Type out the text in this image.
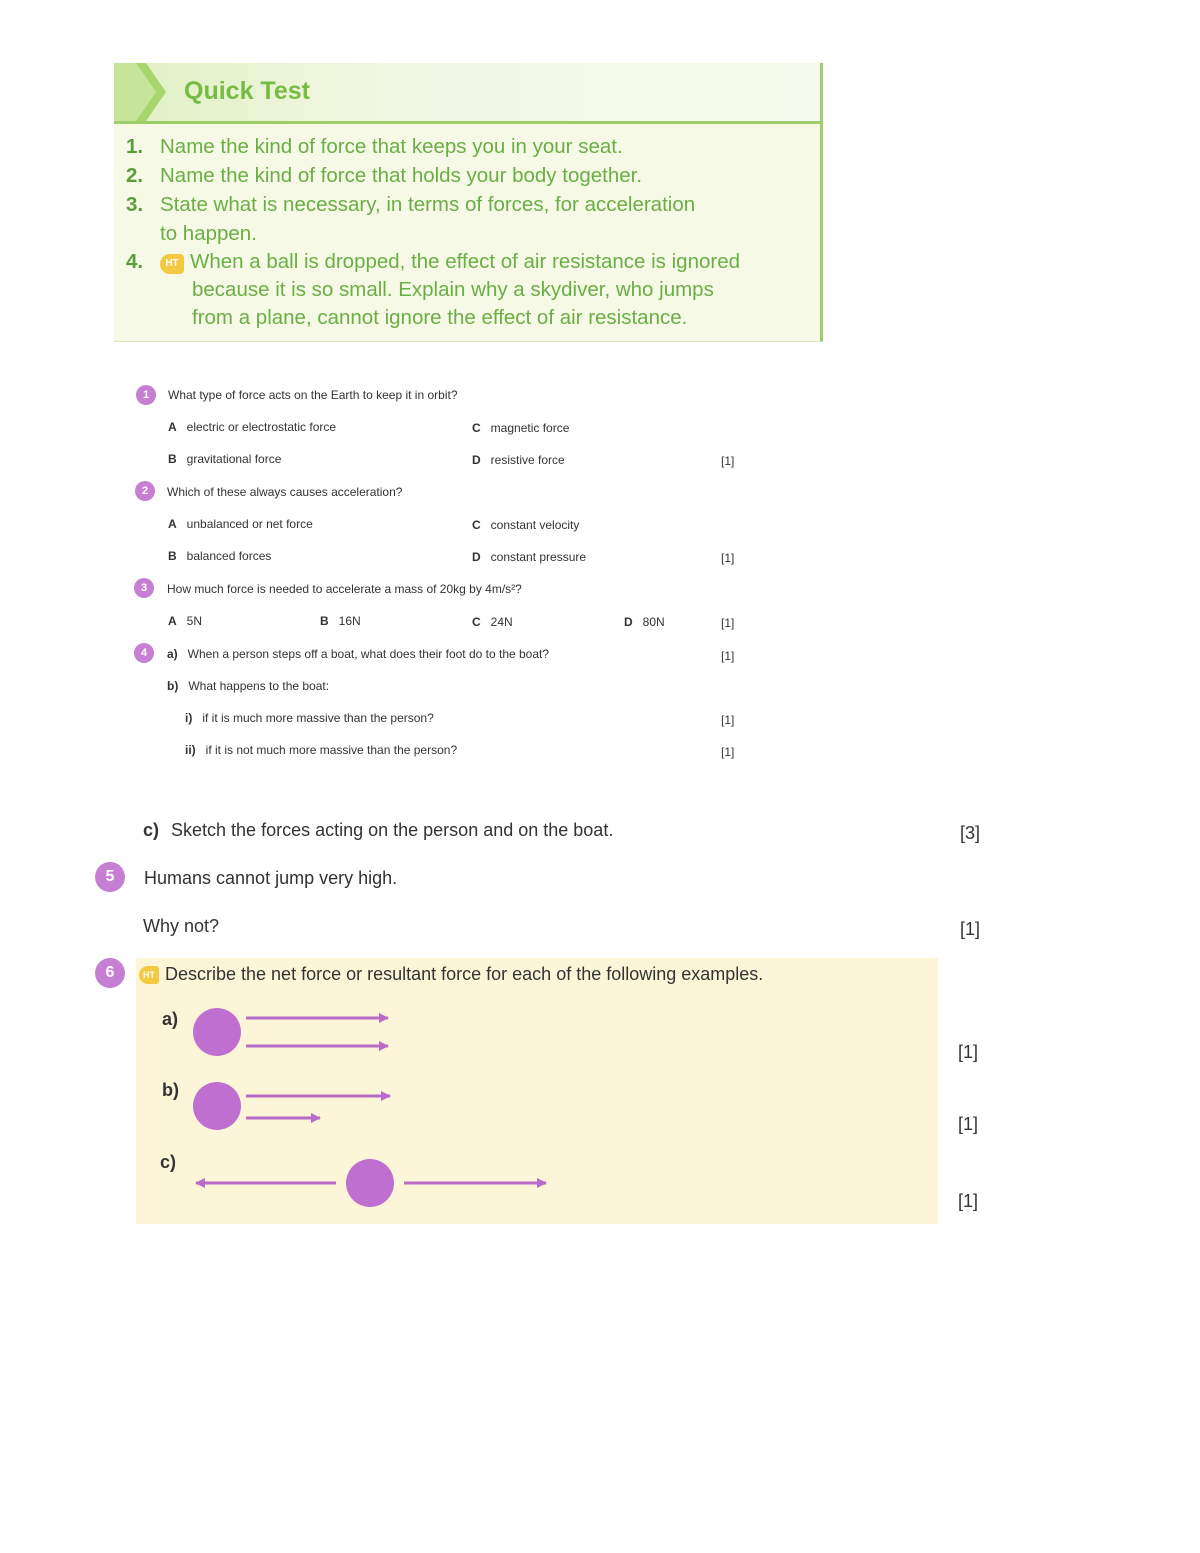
Quick Test
1. Name the kind of force that keeps you in your seat.
2. Name the kind of force that holds your body together.
3. State what is necessary, in terms of forces, for acceleration
to happen.
4. HT When a ball is dropped, the effect of air resistance is ignored
because it is so small. Explain why a skydiver, who jumps
from a plane, cannot ignore the effect of air resistance.
1	What type of force acts on the Earth to keep it in orbit?
A electric or electrostatic force	C magnetic force
B gravitational force	D resistive force	[1]
2	Which of these always causes acceleration?
A unbalanced or net force	C constant velocity
B balanced forces	D constant pressure	[1]
3	How much force is needed to accelerate a mass of 20kg by 4m/s²?
A 5N	B 16N	C 24N	D 80N	[1]
4	a) When a person steps off a boat, what does their foot do to the boat?	[1]
b) What happens to the boat:
i) if it is much more massive than the person?	[1]
ii) if it is not much more massive than the person?	[1]
c) Sketch the forces acting on the person and on the boat.	[3]
5	Humans cannot jump very high.
Why not?	[1]
6	HT Describe the net force or resultant force for each of the following examples.
a)
[1]
b)
[1]
c)
[1]
